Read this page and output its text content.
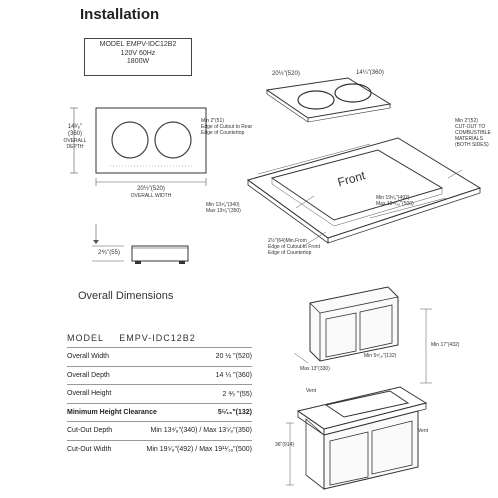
Installation
MODEL EMPV-IDC12B2
120V 60Hz
1800W
14³⁄₈"
(360)
OVERALL
DEPTH
20½"(520)
OVERALL WIDTH
2⅘"(55)
20½"(520)	14¼"(360)
Min 2"(51)
Edge of Cutout to Rear
Edge of Countertop
Min 2"(52)
CUT-OUT TO
COMBUSTIBLE
MATERIALS
(BOTH SIDES)
Front
Min 13⁴⁄₈"(340)
Max 13⁵⁄₈"(350)
Min 19⁵⁄₈"(492)
Max 19¹¹⁄₁₆"(500)
2½"(64)Min.From
Edge of Cutout to Front
Edge of Countertop
Overall Dimensions
MODEL EMPV-IDC12B2
Overall Width	20 ½ "(520)
Overall Depth	14 ¼ "(360)
Overall Height	2 ⅘ "(55)
Minimum Height Clearance	5⁵⁄₁₆"(132)
Cut-Out Depth	Min 13⁴⁄₈"(340) / Max 13⁵⁄₈"(350)
Cut-Out Width	Min 19⁵⁄₈"(492) / Max 19¹¹⁄₁₆"(500)
Min 17"(432)
Min 5⁵⁄₁₆"(132)
Max 13"(330)
Vent
Vent
36"(914)
